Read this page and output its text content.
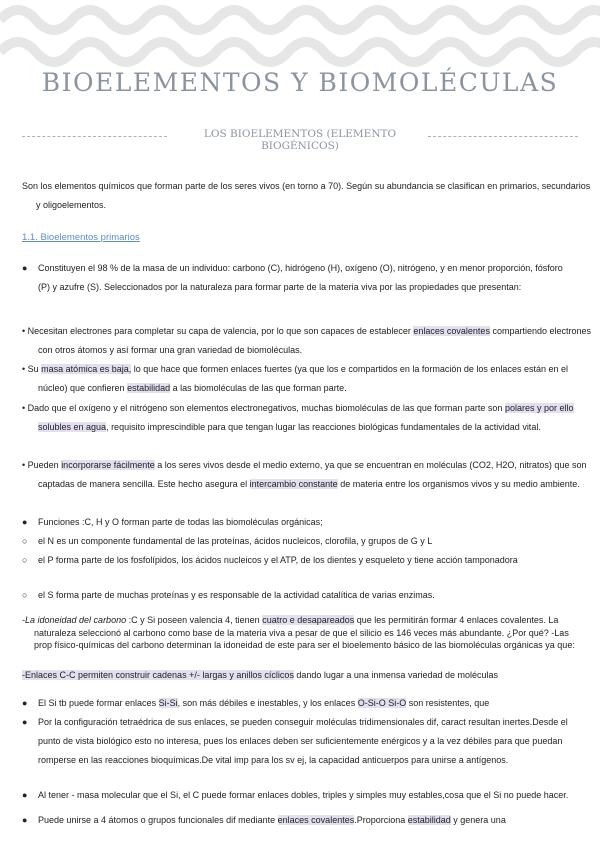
BIOELEMENTOS Y BIOMOLÉCULAS
LOS BIOELEMENTOS (ELEMENTO BIOGÉNICOS)
Son los elementos químicos que forman parte de los seres vivos (en torno a 70). Según su abundancia se clasifican en primarios, secundarios y oligoelementos.
1.1. Bioelementos primarios
● Constituyen el 98 % de la masa de un individuo: carbono (C), hidrógeno (H), oxígeno (O), nitrógeno, y en menor proporción, fósforo (P) y azufre (S). Seleccionados por la naturaleza para formar parte de la materia viva por las propiedades que presentan:
• Necesitan electrones para completar su capa de valencia, por lo que son capaces de establecer enlaces covalentes compartiendo electrones con otros átomos y así formar una gran variedad de biomoléculas.
• Su masa atómica es baja, lo que hace que formen enlaces fuertes (ya que los e compartidos en la formación de los enlaces están en el núcleo) que confieren estabilidad a las biomoléculas de las que forman parte.
• Dado que el oxígeno y el nitrógeno son elementos electronegativos, muchas biomoléculas de las que forman parte son polares y por ello solubles en agua, requisito imprescindible para que tengan lugar las reacciones biológicas fundamentales de la actividad vital.
• Pueden incorporarse fácilmente a los seres vivos desde el medio externo, ya que se encuentran en moléculas (CO2, H2O, nitratos) que son captadas de manera sencilla. Este hecho asegura el intercambio constante de materia entre los organismos vivos y su medio ambiente.
● Funciones :C, H y O forman parte de todas las biomoléculas orgánicas;
○ el N es un componente fundamental de las proteínas, ácidos nucleicos, clorofila, y grupos de G y L
○ el P forma parte de los fosfolípidos, los ácidos nucleicos y el ATP, de los dientes y esqueleto y tiene acción tamponadora
○ el S forma parte de muchas proteínas y es responsable de la actividad catalítica de varias enzimas.
-La idoneidad del carbono :C y Si poseen valencia 4, tienen cuatro e desapareados que les permitirán formar 4 enlaces covalentes. La naturaleza seleccionó al carbono como base de la materia viva a pesar de que el silicio es 146 veces más abundante. ¿Por qué? -Las prop físico-químicas del carbono determinan la idoneidad de este para ser el bioelemento básico de las biomoléculas orgánicas ya que:
-Enlaces C-C permiten construir cadenas +/- largas y anillos cíclicos dando lugar a una inmensa variedad de moléculas
● El Si tb puede formar enlaces Si-Si, son más débiles e inestables, y los enlaces O-Si-O Si-O son resistentes, que
● Por la configuración tetraédrica de sus enlaces, se pueden conseguir moléculas tridimensionales dif, caract resultan inertes.Desde el punto de vista biológico esto no interesa, pues los enlaces deben ser suficientemente enérgicos y a la vez débiles para que puedan romperse en las reacciones bioquímicas.De vital imp para los sv ej, la capacidad anticuerpos para unirse a antígenos.
● Al tener - masa molecular que el Si, el C puede formar enlaces dobles, triples y simples muy estables,cosa que el Si no puede hacer.
● Puede unirse a 4 átomos o grupos funcionales dif mediante enlaces covalentes.Proporciona estabilidad y genera una
